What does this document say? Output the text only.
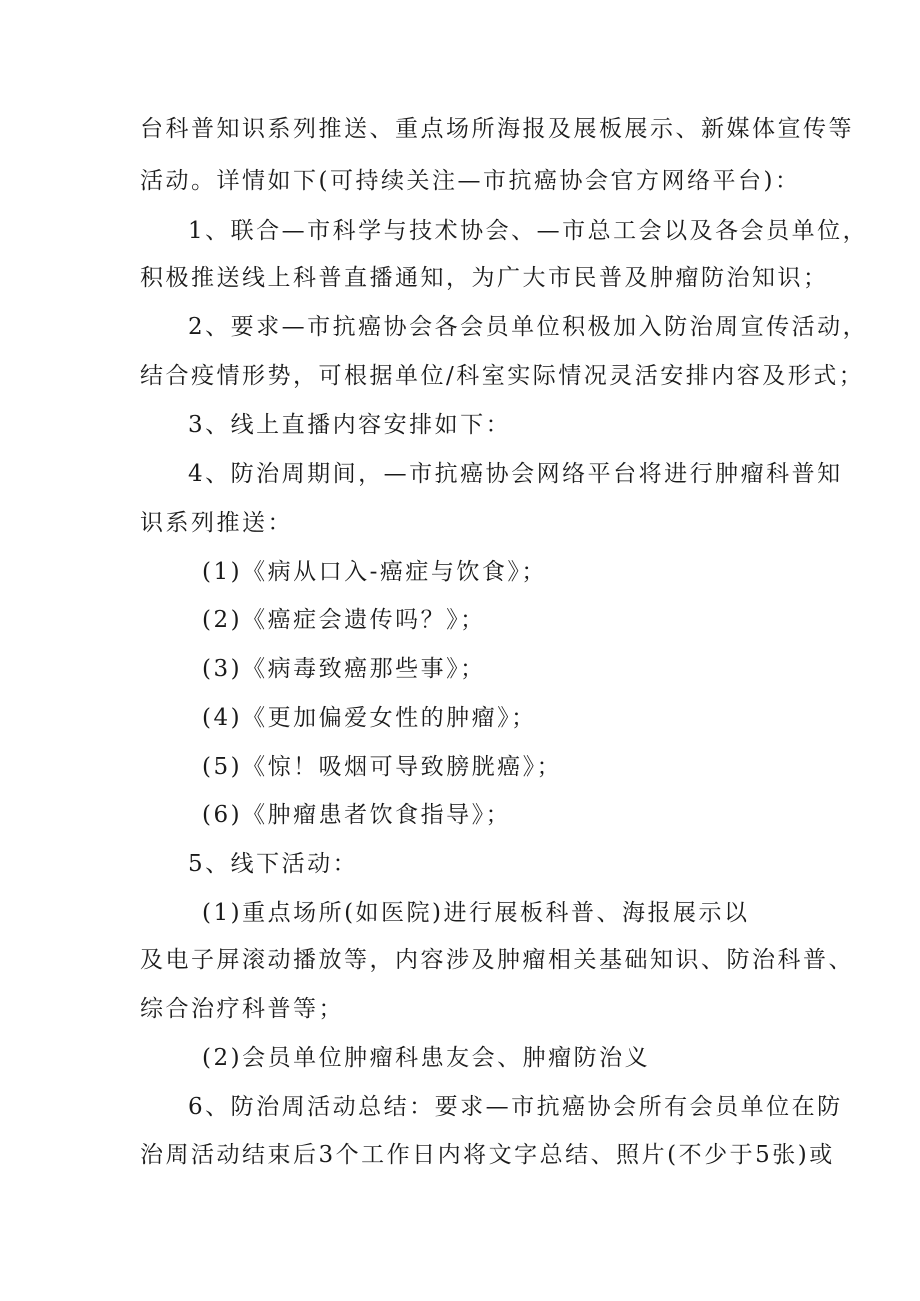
台科普知识系列推送、重点场所海报及展板展示、新媒体宣传等
活动。详情如下(可持续关注—市抗癌协会官方网络平台)：
1、联合—市科学与技术协会、—市总工会以及各会员单位，
积极推送线上科普直播通知，为广大市民普及肿瘤防治知识；
2、要求—市抗癌协会各会员单位积极加入防治周宣传活动，
结合疫情形势，可根据单位/科室实际情况灵活安排内容及形式；
3、线上直播内容安排如下：
4、防治周期间，—市抗癌协会网络平台将进行肿瘤科普知
识系列推送：
(1)《病从口入-癌症与饮食》；
(2)《癌症会遗传吗？》；
(3)《病毒致癌那些事》；
(4)《更加偏爱女性的肿瘤》；
(5)《惊！吸烟可导致膀胱癌》；
(6)《肿瘤患者饮食指导》；
5、线下活动：
(1)重点场所(如医院)进行展板科普、海报展示以
及电子屏滚动播放等，内容涉及肿瘤相关基础知识、防治科普、
综合治疗科普等；
(2)会员单位肿瘤科患友会、肿瘤防治义
6、防治周活动总结：要求—市抗癌协会所有会员单位在防
治周活动结束后3个工作日内将文字总结、照片(不少于5张)或
